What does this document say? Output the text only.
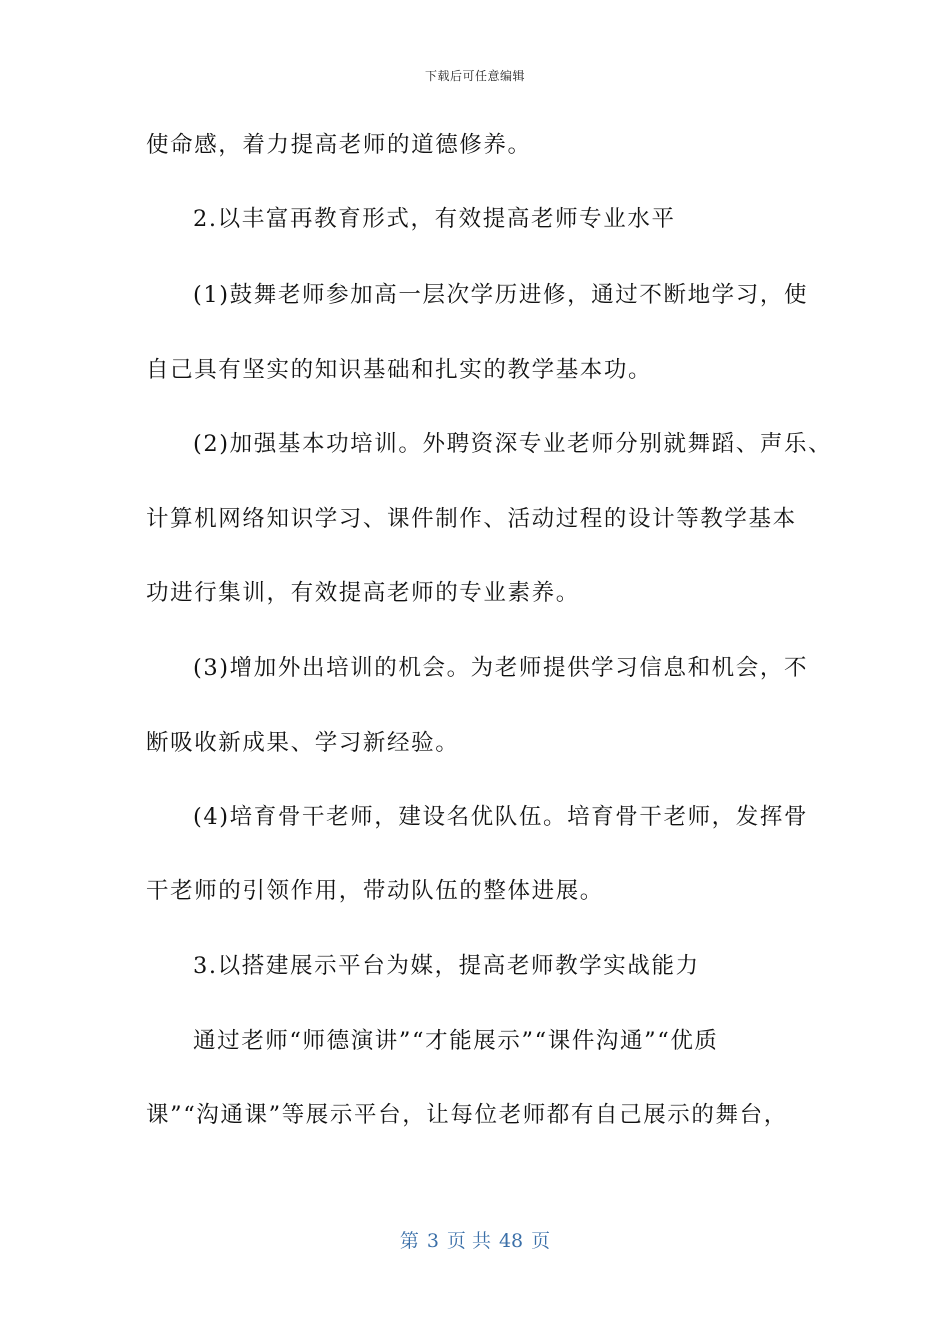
下载后可任意编辑
使命感，着力提高老师的道德修养。
2.以丰富再教育形式，有效提高老师专业水平
(1)鼓舞老师参加高一层次学历进修，通过不断地学习，使
自己具有坚实的知识基础和扎实的教学基本功。
(2)加强基本功培训。外聘资深专业老师分别就舞蹈、声乐、
计算机网络知识学习、课件制作、活动过程的设计等教学基本
功进行集训，有效提高老师的专业素养。
(3)增加外出培训的机会。为老师提供学习信息和机会，不
断吸收新成果、学习新经验。
(4)培育骨干老师，建设名优队伍。培育骨干老师，发挥骨
干老师的引领作用，带动队伍的整体进展。
3.以搭建展示平台为媒，提高老师教学实战能力
通过老师“师德演讲”“才能展示”“课件沟通”“优质
课”“沟通课”等展示平台，让每位老师都有自己展示的舞台，
第 3 页 共 48 页
